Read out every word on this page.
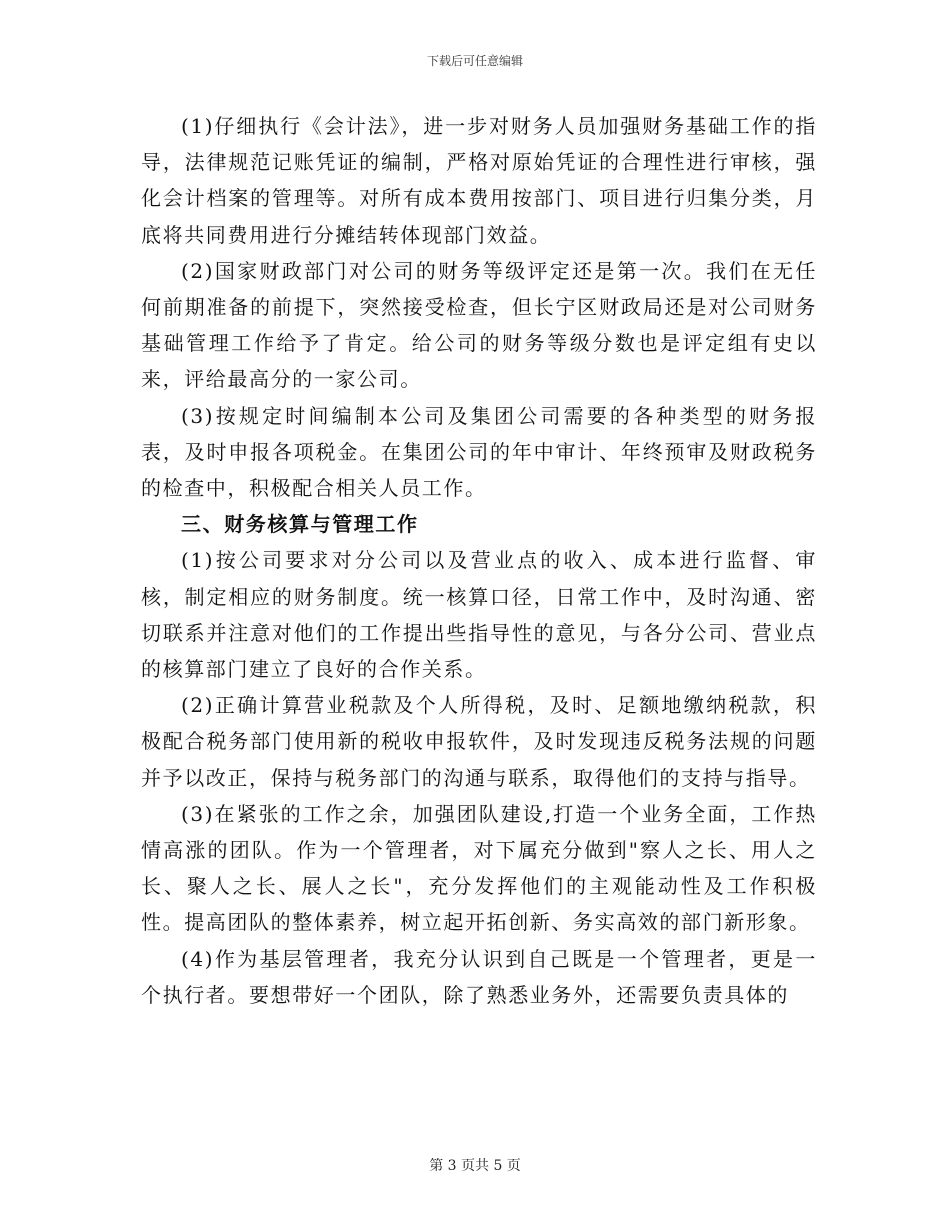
下载后可任意编辑

(1)仔细执行《会计法》，进一步对财务人员加强财务基础工作的指导，法律规范记账凭证的编制，严格对原始凭证的合理性进行审核，强化会计档案的管理等。对所有成本费用按部门、项目进行归集分类，月底将共同费用进行分摊结转体现部门效益。

(2)国家财政部门对公司的财务等级评定还是第一次。我们在无任何前期准备的前提下，突然接受检查，但长宁区财政局还是对公司财务基础管理工作给予了肯定。给公司的财务等级分数也是评定组有史以来，评给最高分的一家公司。

(3)按规定时间编制本公司及集团公司需要的各种类型的财务报表，及时申报各项税金。在集团公司的年中审计、年终预审及财政税务的检查中，积极配合相关人员工作。

三、财务核算与管理工作

(1)按公司要求对分公司以及营业点的收入、成本进行监督、审核，制定相应的财务制度。统一核算口径，日常工作中，及时沟通、密切联系并注意对他们的工作提出些指导性的意见，与各分公司、营业点的核算部门建立了良好的合作关系。

(2)正确计算营业税款及个人所得税，及时、足额地缴纳税款，积极配合税务部门使用新的税收申报软件，及时发现违反税务法规的问题并予以改正，保持与税务部门的沟通与联系，取得他们的支持与指导。

(3)在紧张的工作之余，加强团队建设,打造一个业务全面，工作热情高涨的团队。作为一个管理者，对下属充分做到"察人之长、用人之长、聚人之长、展人之长"，充分发挥他们的主观能动性及工作积极性。提高团队的整体素养，树立起开拓创新、务实高效的部门新形象。

(4)作为基层管理者，我充分认识到自己既是一个管理者，更是一个执行者。要想带好一个团队，除了熟悉业务外，还需要负责具体的

第 3 页共 5 页
